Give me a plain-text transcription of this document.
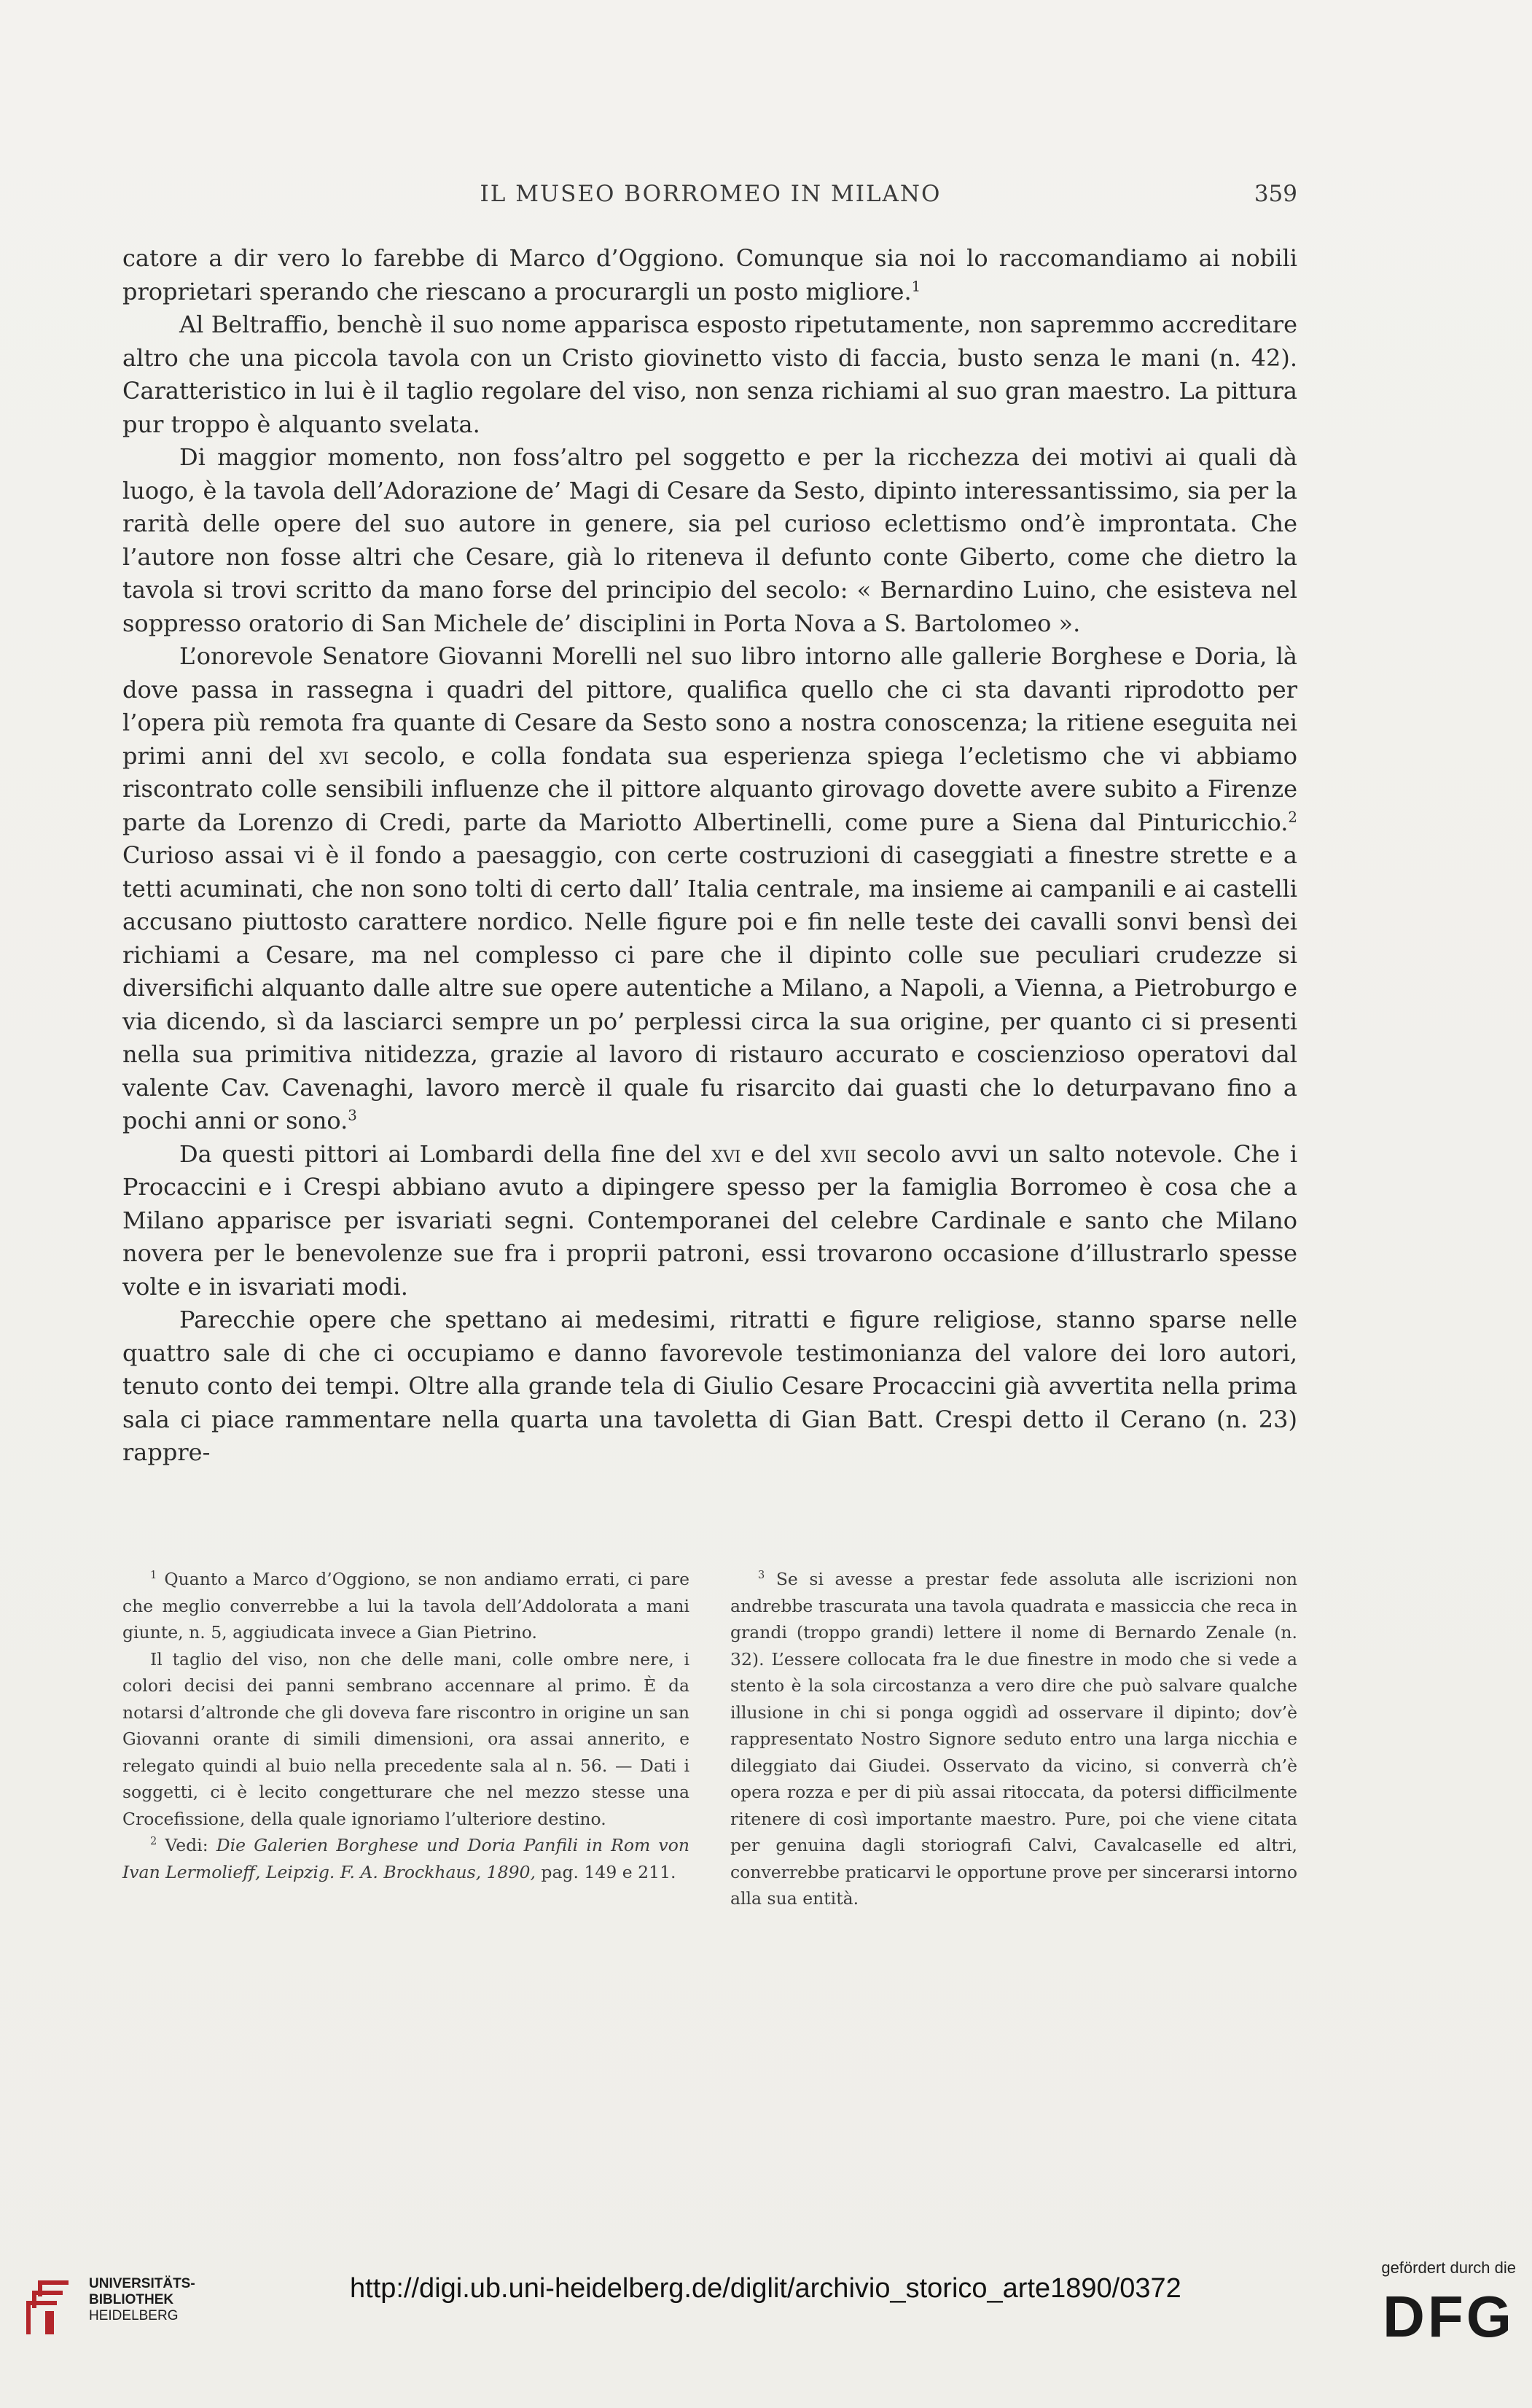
IL MUSEO BORROMEO IN MILANO	359

catore a dir vero lo farebbe di Marco d’Oggiono. Comunque sia noi lo raccomandiamo ai nobili proprietari sperando che riescano a procurargli un posto migliore.$^1$

Al Beltraffio, benchè il suo nome apparisca esposto ripetutamente, non sapremmo accreditare altro che una piccola tavola con un Cristo giovinetto visto di faccia, busto senza le mani (n. 42). Caratteristico in lui è il taglio regolare del viso, non senza richiami al suo gran maestro. La pittura pur troppo è alquanto svelata.

Di maggior momento, non foss’altro pel soggetto e per la ricchezza dei motivi ai quali dà luogo, è la tavola dell’Adorazione de’ Magi di Cesare da Sesto, dipinto interessantissimo, sia per la rarità delle opere del suo autore in genere, sia pel curioso eclettismo ond’è improntata. Che l’autore non fosse altri che Cesare, già lo riteneva il defunto conte Giberto, come che dietro la tavola si trovi scritto da mano forse del principio del secolo: « Bernardino Luino, che esisteva nel soppresso oratorio di San Michele de’ disciplini in Porta Nova a S. Bartolomeo ».

L’onorevole Senatore Giovanni Morelli nel suo libro intorno alle gallerie Borghese e Doria, là dove passa in rassegna i quadri del pittore, qualifica quello che ci sta davanti riprodotto per l’opera più remota fra quante di Cesare da Sesto sono a nostra conoscenza; la ritiene eseguita nei primi anni del xvi secolo, e colla fondata sua esperienza spiega l’ecletismo che vi abbiamo riscontrato colle sensibili influenze che il pittore alquanto girovago dovette avere subito a Firenze parte da Lorenzo di Credi, parte da Mariotto Albertinelli, come pure a Siena dal Pinturicchio.$^2$ Curioso assai vi è il fondo a paesaggio, con certe costruzioni di caseggiati a finestre strette e a tetti acuminati, che non sono tolti di certo dall’ Italia centrale, ma insieme ai campanili e ai castelli accusano piuttosto carattere nordico. Nelle figure poi e fin nelle teste dei cavalli sonvi bensì dei richiami a Cesare, ma nel complesso ci pare che il dipinto colle sue peculiari crudezze si diversifichi alquanto dalle altre sue opere autentiche a Milano, a Napoli, a Vienna, a Pietroburgo e via dicendo, sì da lasciarci sempre un po’ perplessi circa la sua origine, per quanto ci si presenti nella sua primitiva nitidezza, grazie al lavoro di ristauro accurato e coscienzioso operatovi dal valente Cav. Cavenaghi, lavoro mercè il quale fu risarcito dai guasti che lo deturpavano fino a pochi anni or sono.$^3$

Da questi pittori ai Lombardi della fine del xvi e del xvii secolo avvi un salto notevole. Che i Procaccini e i Crespi abbiano avuto a dipingere spesso per la famiglia Borromeo è cosa che a Milano apparisce per isvariati segni. Contemporanei del celebre Cardinale e santo che Milano novera per le benevolenze sue fra i proprii patroni, essi trovarono occasione d’illustrarlo spesse volte e in isvariati modi.

Parecchie opere che spettano ai medesimi, ritratti e figure religiose, stanno sparse nelle quattro sale di che ci occupiamo e danno favorevole testimonianza del valore dei loro autori, tenuto conto dei tempi. Oltre alla grande tela di Giulio Cesare Procaccini già avvertita nella prima sala ci piace rammentare nella quarta una tavoletta di Gian Batt. Crespi detto il Cerano (n. 23) rappre-

$^1$ Quanto a Marco d’Oggiono, se non andiamo errati, ci pare che meglio converrebbe a lui la tavola dell’Addolorata a mani giunte, n. 5, aggiudicata invece a Gian Pietrino.

Il taglio del viso, non che delle mani, colle ombre nere, i colori decisi dei panni sembrano accennare al primo. È da notarsi d’altronde che gli doveva fare riscontro in origine un san Giovanni orante di simili dimensioni, ora assai annerito, e relegato quindi al buio nella precedente sala al n. 56. — Dati i soggetti, ci è lecito congetturare che nel mezzo stesse una Crocefissione, della quale ignoriamo l’ulteriore destino.

$^2$ Vedi: Die Galerien Borghese und Doria Panfili in Rom von Ivan Lermolieff, Leipzig. F. A. Brockhaus, 1890, pag. 149 e 211.

$^3$ Se si avesse a prestar fede assoluta alle iscrizioni non andrebbe trascurata una tavola quadrata e massiccia che reca in grandi (troppo grandi) lettere il nome di Bernardo Zenale (n. 32). L’essere collocata fra le due finestre in modo che si vede a stento è la sola circostanza a vero dire che può salvare qualche illusione in chi si ponga oggidì ad osservare il dipinto; dov’è rappresentato Nostro Signore seduto entro una larga nicchia e dileggiato dai Giudei. Osservato da vicino, si converrà ch’è opera rozza e per di più assai ritoccata, da potersi difficilmente ritenere di così importante maestro. Pure, poi che viene citata per genuina dagli storiografi Calvi, Cavalcaselle ed altri, converrebbe praticarvi le opportune prove per sincerarsi intorno alla sua entità.

UNIVERSITÄTS-
BIBLIOTHEK
HEIDELBERG
http://digi.ub.uni-heidelberg.de/diglit/archivio_storico_arte1890/0372
gefördert durch die
DFG
